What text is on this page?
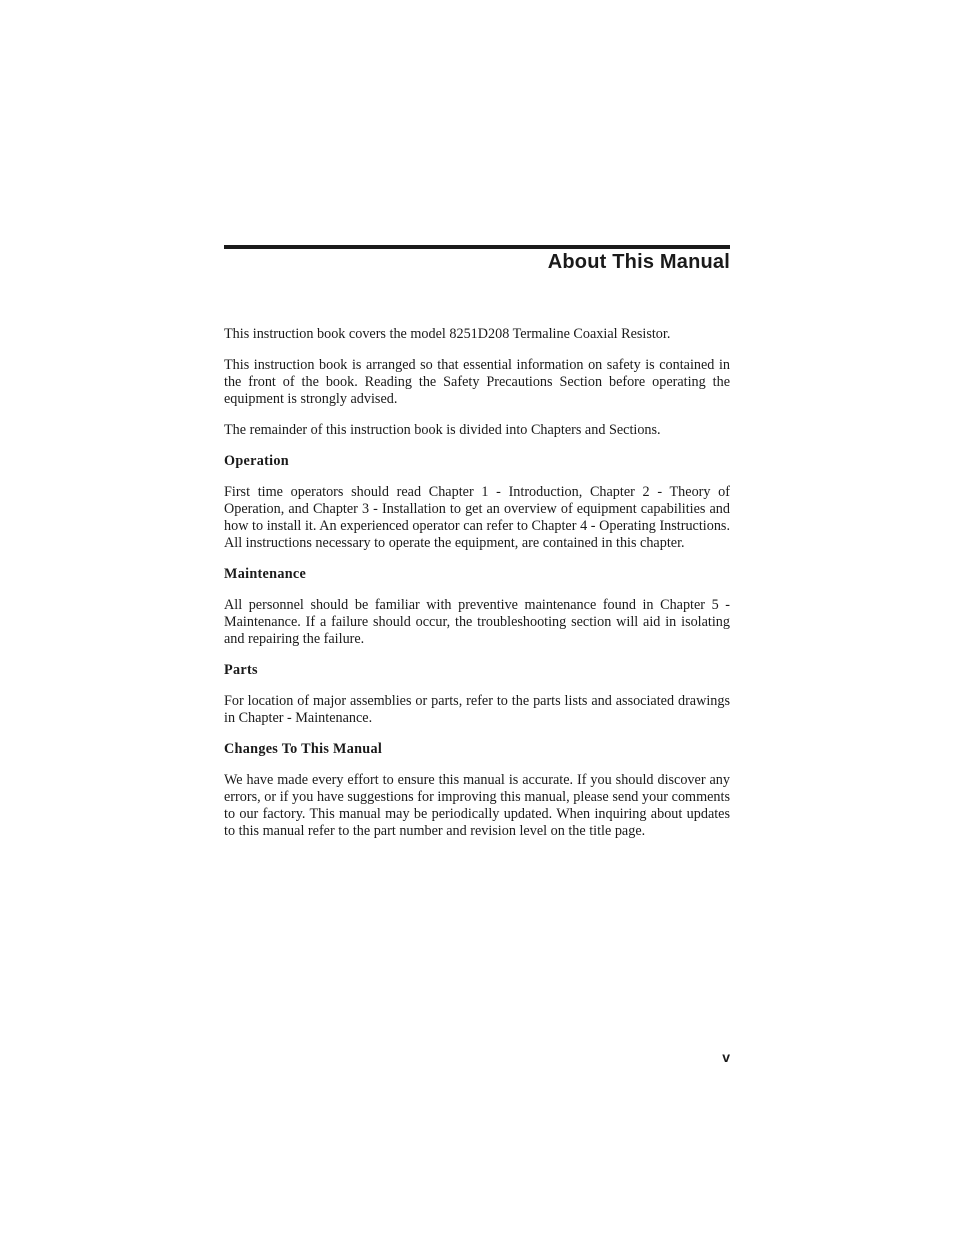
About This Manual

This instruction book covers the model 8251D208 Termaline Coaxial Resistor.

This instruction book is arranged so that essential information on safety is contained in the front of the book. Reading the Safety Precautions Section before operating the equipment is strongly advised.

The remainder of this instruction book is divided into Chapters and Sections.

Operation

First time operators should read Chapter 1 - Introduction, Chapter 2 - Theory of Operation, and Chapter 3 - Installation to get an overview of equipment capabilities and how to install it. An experienced operator can refer to Chapter 4 - Operating Instructions. All instructions necessary to operate the equipment, are contained in this chapter.

Maintenance

All personnel should be familiar with preventive maintenance found in Chapter 5 - Maintenance. If a failure should occur, the troubleshooting section will aid in isolating and repairing the failure.

Parts

For location of major assemblies or parts, refer to the parts lists and associated drawings in Chapter - Maintenance.

Changes To This Manual

We have made every effort to ensure this manual is accurate. If you should discover any errors, or if you have suggestions for improving this manual, please send your comments to our factory. This manual may be periodically updated. When inquiring about updates to this manual refer to the part number and revision level on the title page.

v
